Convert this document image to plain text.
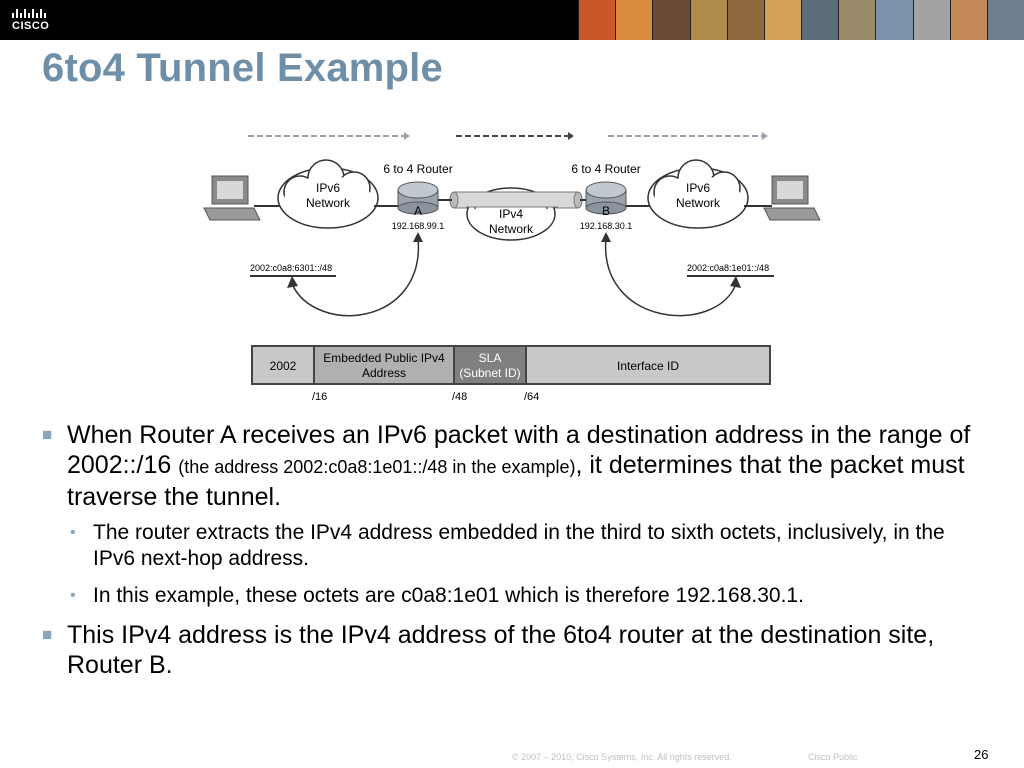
CISCO
6to4 Tunnel Example
IPv6
Network
6 to 4 Router
A
192.168.99.1
IPv4
Network
6 to 4 Router
B
192.168.30.1
IPv6
Network
2002:c0a8:6301::/48	2002:c0a8:1e01::/48
2002
Embedded Public IPv4
Address
SLA
(Subnet ID)	Interface ID
/16	/48	/64
■ When Router A receives an IPv6 packet with a destination address in the range of 2002::/16 (the address 2002:c0a8:1e01::/48 in the example), it determines that the packet must traverse the tunnel.
• The router extracts the IPv4 address embedded in the third to sixth octets, inclusively, in the IPv6 next-hop address.
• In this example, these octets are c0a8:1e01 which is therefore 192.168.30.1.
■ This IPv4 address is the IPv4 address of the 6to4 router at the destination site, Router B.
© 2007 – 2010, Cisco Systems, Inc. All rights reserved.	Cisco Public	26
